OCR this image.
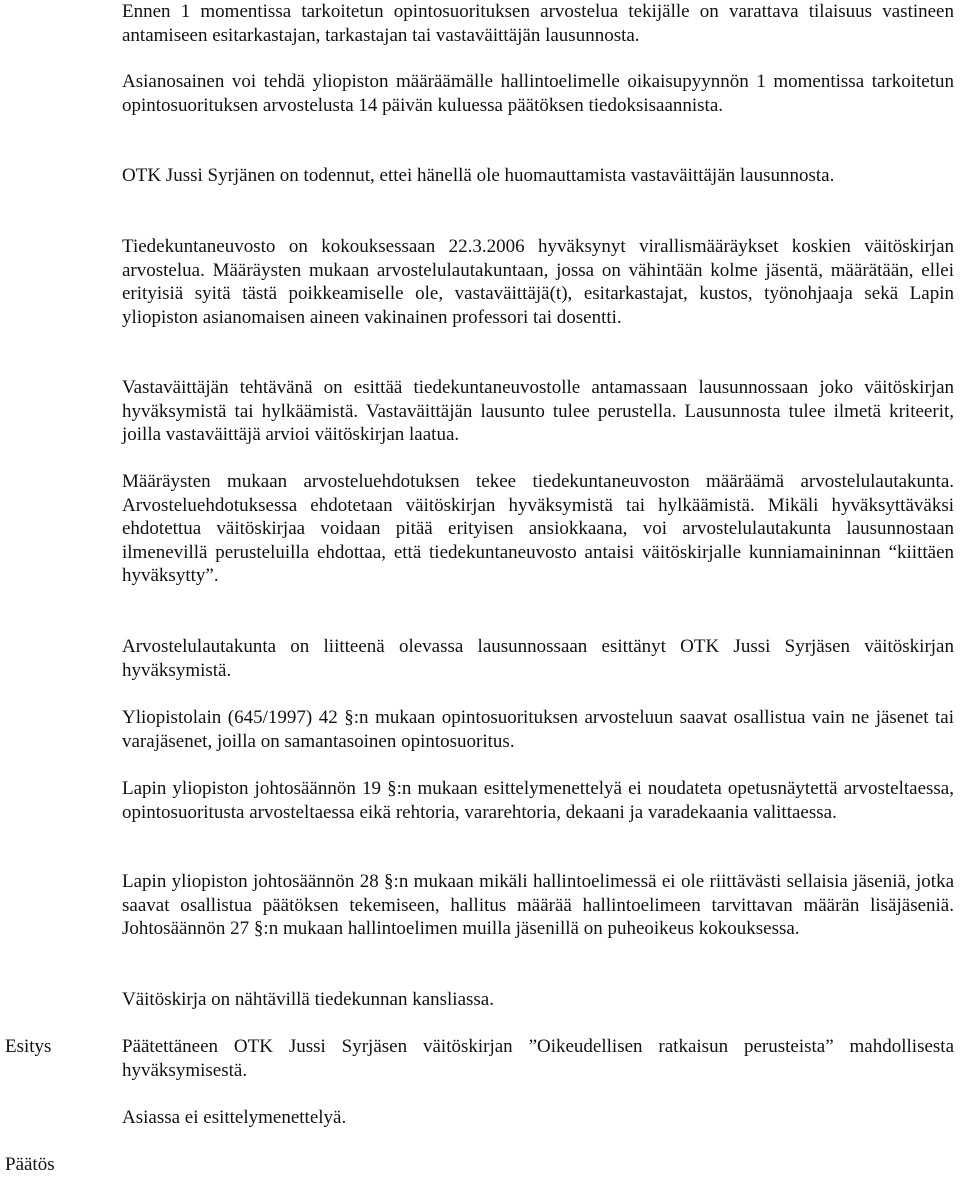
Ennen 1 momentissa tarkoitetun opintosuorituksen arvostelua tekijälle on varattava tilaisuus vastineen antamiseen esitarkastajan, tarkastajan tai vastaväittäjän lausunnosta.

Asianosainen voi tehdä yliopiston määräämälle hallintoelimelle oikaisupyynnön 1 momentissa tarkoitetun opintosuorituksen arvostelusta 14 päivän kuluessa päätöksen tiedoksisaannista.

OTK Jussi Syrjänen on todennut, ettei hänellä ole huomauttamista vastaväittäjän lausunnosta.

Tiedekuntaneuvosto on kokouksessaan 22.3.2006 hyväksynyt virallismääräykset koskien väitöskirjan arvostelua. Määräysten mukaan arvostelulautakuntaan, jossa on vähintään kolme jäsentä, määrätään, ellei erityisiä syitä tästä poikkeamiselle ole, vastaväittäjä(t), esitarkastajat, kustos, työnohjaaja sekä Lapin yliopiston asianomaisen aineen vakinainen professori tai dosentti.

Vastaväittäjän tehtävänä on esittää tiedekuntaneuvostolle antamassaan lausunnossaan joko väitöskirjan hyväksymistä tai hylkäämistä. Vastaväittäjän lausunto tulee perustella. Lausunnosta tulee ilmetä kriteerit, joilla vastaväittäjä arvioi väitöskirjan laatua.

Määräysten mukaan arvosteluehdotuksen tekee tiedekuntaneuvoston määräämä arvostelulautakunta. Arvosteluehdotuksessa ehdotetaan väitöskirjan hyväksymistä tai hylkäämistä. Mikäli hyväksyttäväksi ehdotettua väitöskirjaa voidaan pitää erityisen ansiokkaana, voi arvostelulautakunta lausunnostaan ilmenevillä perusteluilla ehdottaa, että tiedekuntaneuvosto antaisi väitöskirjalle kunniamaininnan “kiittäen hyväksytty”.

Arvostelulautakunta on liitteenä olevassa lausunnossaan esittänyt OTK Jussi Syrjäsen väitöskirjan hyväksymistä.

Yliopistolain (645/1997) 42 §:n mukaan opintosuorituksen arvosteluun saavat osallistua vain ne jäsenet tai varajäsenet, joilla on samantasoinen opintosuoritus.

Lapin yliopiston johtosäännön 19 §:n mukaan esittelymenettelyä ei noudateta opetusnäytettä arvosteltaessa, opintosuoritusta arvosteltaessa eikä rehtoria, vararehtoria, dekaani ja varadekaania valittaessa.

Lapin yliopiston johtosäännön 28 §:n mukaan mikäli hallintoelimessä ei ole riittävästi sellaisia jäseniä, jotka saavat osallistua päätöksen tekemiseen, hallitus määrää hallintoelimeen tarvittavan määrän lisäjäseniä. Johtosäännön 27 §:n mukaan hallintoelimen muilla jäsenillä on puheoikeus kokouksessa.

Väitöskirja on nähtävillä tiedekunnan kansliassa.

Esitys	Päätettäneen OTK Jussi Syrjäsen väitöskirjan ”Oikeudellisen ratkaisun perusteista” mahdollisesta hyväksymisestä.

Asiassa ei esittelymenettelyä.

Päätös
